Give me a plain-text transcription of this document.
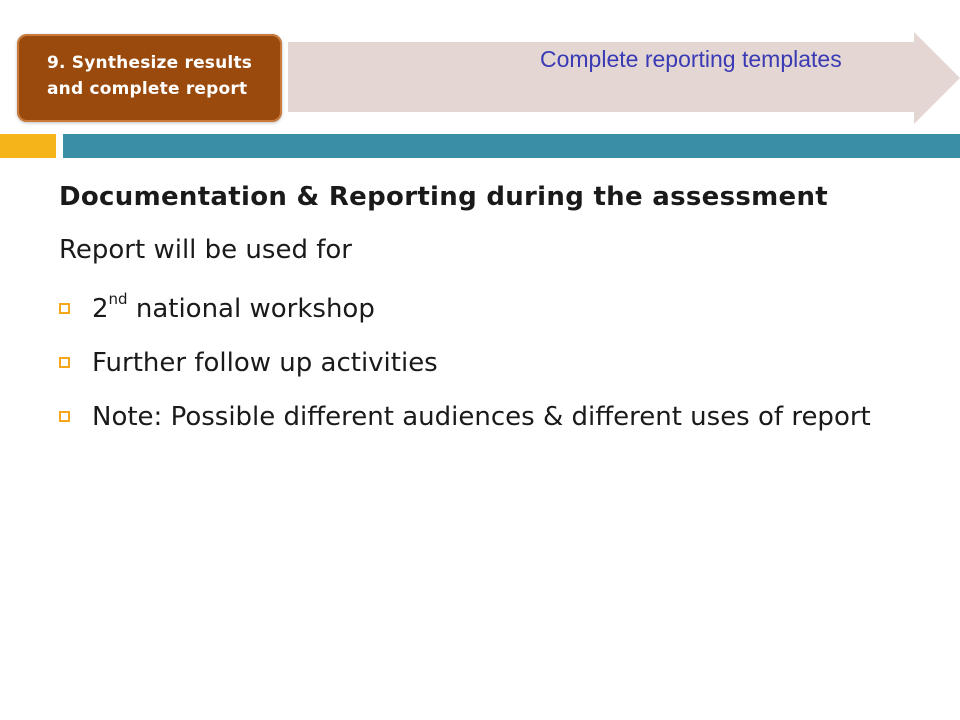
9. Synthesize results
and complete report
Complete reporting templates
Documentation & Reporting during the assessment
Report will be used for
2nd national workshop
Further follow up activities
Note: Possible different audiences & different uses of report
